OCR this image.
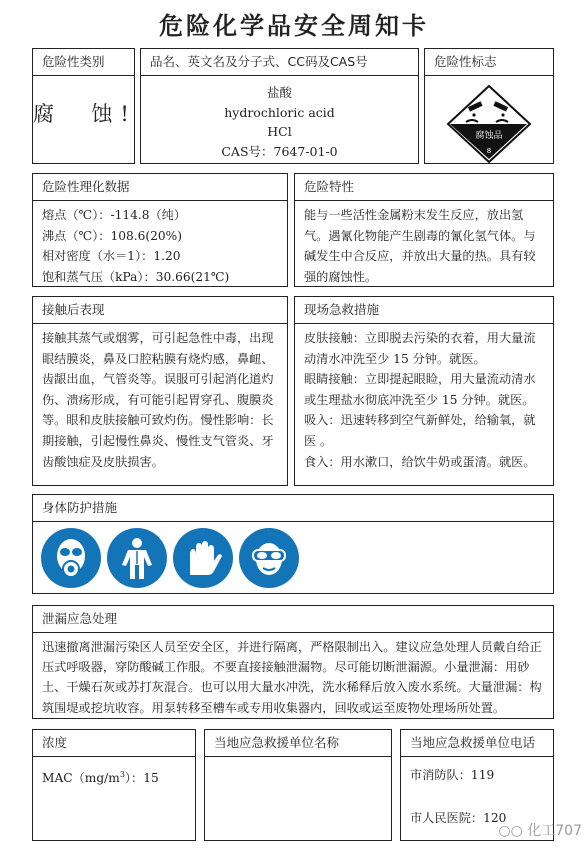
危险化学品安全周知卡
危险性类别
腐  蚀!
品名、英文名及分子式、CC码及CAS号
盐酸
hydrochloric acid
HCl
CAS号：7647-01-0
危险性标志
腐蚀品
8
危险性理化数据
熔点（℃）：-114.8（纯）
沸点（℃）：108.6(20%)
相对密度（水＝1）：1.20
饱和蒸气压（kPa）：30.66(21℃)
危险特性
能与一些活性金属粉末发生反应，放出氢气。遇氰化物能产生剧毒的氰化氢气体。与碱发生中合反应，并放出大量的热。具有较强的腐蚀性。
接触后表现
接触其蒸气或烟雾，可引起急性中毒，出现眼结膜炎，鼻及口腔粘膜有烧灼感，鼻衄、齿龈出血，气管炎等。误服可引起消化道灼伤、溃疡形成，有可能引起胃穿孔、腹膜炎等。眼和皮肤接触可致灼伤。慢性影响：长期接触，引起慢性鼻炎、慢性支气管炎、牙齿酸蚀症及皮肤损害。
现场急救措施
皮肤接触：立即脱去污染的衣着，用大量流动清水冲洗至少 15 分钟。就医。
眼睛接触：立即提起眼睑，用大量流动清水或生理盐水彻底冲洗至少 15 分钟。就医。
吸入：迅速转移到空气新鲜处，给输氧，就医 。
食入：用水漱口，给饮牛奶或蛋清。就医。
身体防护措施
泄漏应急处理
迅速撤离泄漏污染区人员至安全区，并进行隔离，严格限制出入。建议应急处理人员戴自给正压式呼吸器，穿防酸碱工作服。不要直接接触泄漏物。尽可能切断泄漏源。小量泄漏：用砂土、干燥石灰或苏打灰混合。也可以用大量水冲洗，洗水稀释后放入废水系统。大量泄漏：构筑围堤或挖坑收容。用泵转移至槽车或专用收集器内，回收或运至废物处理场所处置。
浓度
$MAC(mg/m^3)$：15
当地应急救援单位名称	当地应急救援单位电话
市消防队：119
市人民医院：120
○○ 化工707
